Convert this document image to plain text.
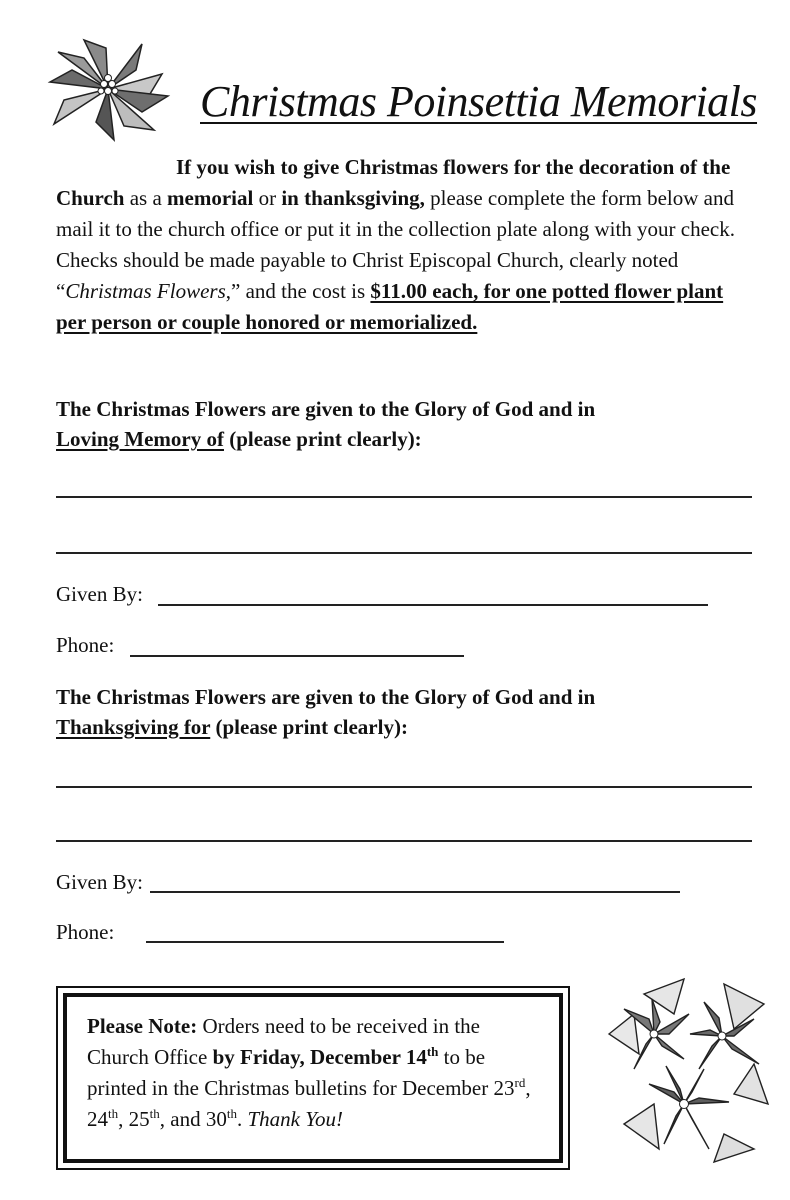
Christmas Poinsettia Memorials

If you wish to give Christmas flowers for the decoration of the Church as a memorial or in thanksgiving, please complete the form below and mail it to the church office or put it in the collection plate along with your check. Checks should be made payable to Christ Episcopal Church, clearly noted “Christmas Flowers,” and the cost is $11.00 each, for one potted flower plant per person or couple honored or memorialized.

The Christmas Flowers are given to the Glory of God and in
Loving Memory of (please print clearly):
Given By:
Phone:
The Christmas Flowers are given to the Glory of God and in
Thanksgiving for (please print clearly):
Given By:
Phone:

Please Note: Orders need to be received in the Church Office by Friday, December 14th to be printed in the Christmas bulletins for December 23rd, 24th, 25th, and 30th. Thank You!
